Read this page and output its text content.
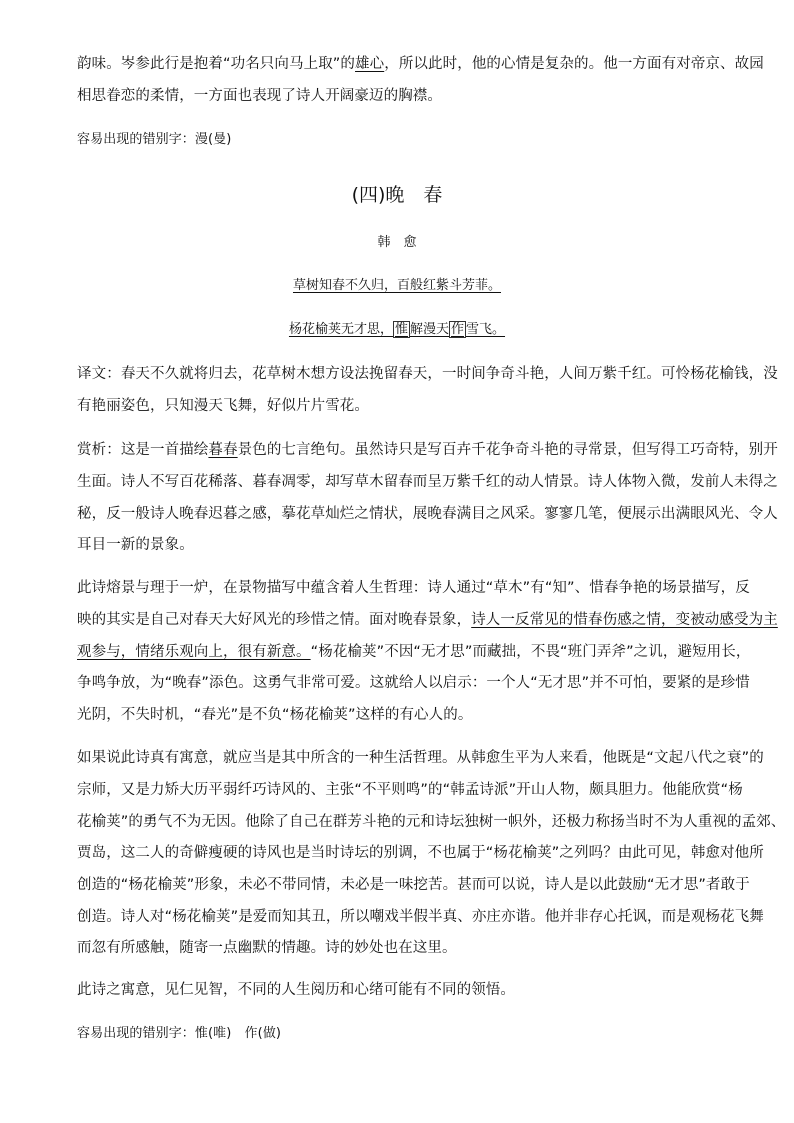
韵味。岑参此行是抱着“功名只向马上取”的雄心，所以此时，他的心情是复杂的。他一方面有对帝京、故园
相思眷恋的柔情，一方面也表现了诗人开阔豪迈的胸襟。
容易出现的错别字：漫(曼)
(四)晚　春
韩　愈
草树知春不久归，百般红紫斗芳菲。
杨花榆荚无才思， 惟 解漫天 作 雪飞。
译文：春天不久就将归去，花草树木想方设法挽留春天，一时间争奇斗艳，人间万紫千红。可怜杨花榆钱，没
有艳丽姿色，只知漫天飞舞，好似片片雪花。
赏析：这是一首描绘暮春景色的七言绝句。虽然诗只是写百卉千花争奇斗艳的寻常景，但写得工巧奇特，别开
生面。诗人不写百花稀落、暮春凋零，却写草木留春而呈万紫千红的动人情景。诗人体物入微，发前人未得之
秘，反一般诗人晚春迟暮之感，摹花草灿烂之情状，展晚春满目之风采。寥寥几笔，便展示出满眼风光、令人
耳目一新的景象。
此诗熔景与理于一炉，在景物描写中蕴含着人生哲理：诗人通过“草木”有“知”、惜春争艳的场景描写，反
映的其实是自己对春天大好风光的珍惜之情。面对晚春景象，诗人一反常见的惜春伤感之情，变被动感受为主
观参与，情绪乐观向上，很有新意。“杨花榆荚”不因“无才思”而藏拙，不畏“班门弄斧”之讥，避短用长，
争鸣争放，为“晚春”添色。这勇气非常可爱。这就给人以启示：一个人“无才思”并不可怕，要紧的是珍惜
光阴，不失时机，“春光”是不负“杨花榆荚”这样的有心人的。
如果说此诗真有寓意，就应当是其中所含的一种生活哲理。从韩愈生平为人来看，他既是“文起八代之衰”的
宗师，又是力矫大历平弱纤巧诗风的、主张“不平则鸣”的“韩孟诗派”开山人物，颇具胆力。他能欣赏“杨
花榆荚”的勇气不为无因。他除了自己在群芳斗艳的元和诗坛独树一帜外，还极力称扬当时不为人重视的孟郊、
贾岛，这二人的奇僻瘦硬的诗风也是当时诗坛的别调，不也属于“杨花榆荚”之列吗？由此可见，韩愈对他所
创造的“杨花榆荚”形象，未必不带同情，未必是一味挖苦。甚而可以说，诗人是以此鼓励“无才思”者敢于
创造。诗人对“杨花榆荚”是爱而知其丑，所以嘲戏半假半真、亦庄亦谐。他并非存心托讽，而是观杨花飞舞
而忽有所感触，随寄一点幽默的情趣。诗的妙处也在这里。
此诗之寓意，见仁见智，不同的人生阅历和心绪可能有不同的领悟。
容易出现的错别字：惟(唯)　作(做)
